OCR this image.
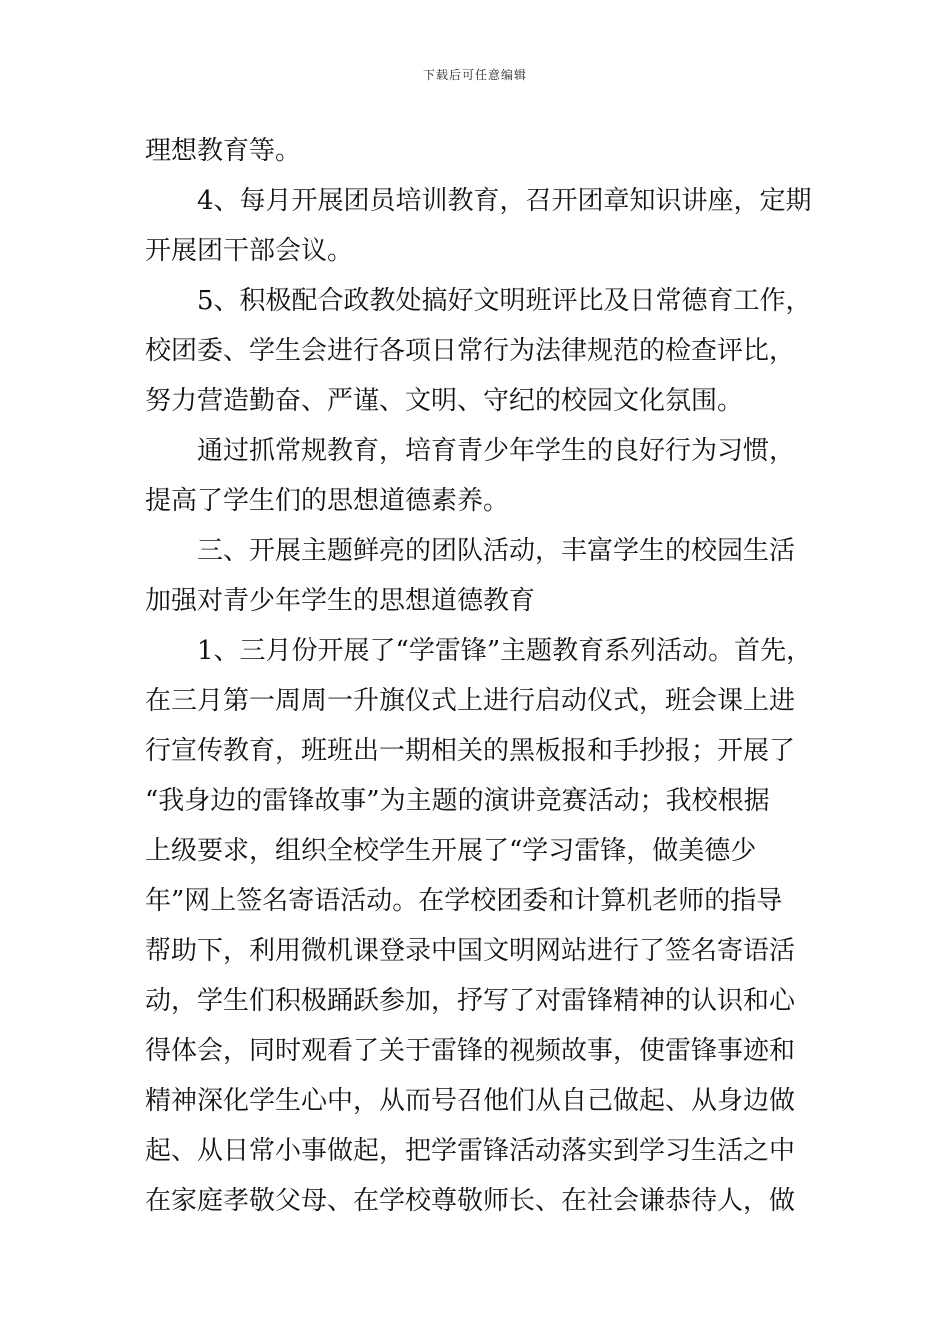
下载后可任意编辑
理想教育等。
4、每月开展团员培训教育，召开团章知识讲座，定期
开展团干部会议。
5、积极配合政教处搞好文明班评比及日常德育工作，
校团委、学生会进行各项日常行为法律规范的检查评比，
努力营造勤奋、严谨、文明、守纪的校园文化氛围。
通过抓常规教育，培育青少年学生的良好行为习惯，
提高了学生们的思想道德素养。
三、开展主题鲜亮的团队活动，丰富学生的校园生活
加强对青少年学生的思想道德教育
1、三月份开展了“学雷锋”主题教育系列活动。首先，
在三月第一周周一升旗仪式上进行启动仪式，班会课上进
行宣传教育，班班出一期相关的黑板报和手抄报；开展了
“我身边的雷锋故事”为主题的演讲竞赛活动；我校根据
上级要求，组织全校学生开展了“学习雷锋，做美德少
年”网上签名寄语活动。在学校团委和计算机老师的指导
帮助下，利用微机课登录中国文明网站进行了签名寄语活
动，学生们积极踊跃参加，抒写了对雷锋精神的认识和心
得体会，同时观看了关于雷锋的视频故事，使雷锋事迹和
精神深化学生心中，从而号召他们从自己做起、从身边做
起、从日常小事做起，把学雷锋活动落实到学习生活之中
在家庭孝敬父母、在学校尊敬师长、在社会谦恭待人，做
